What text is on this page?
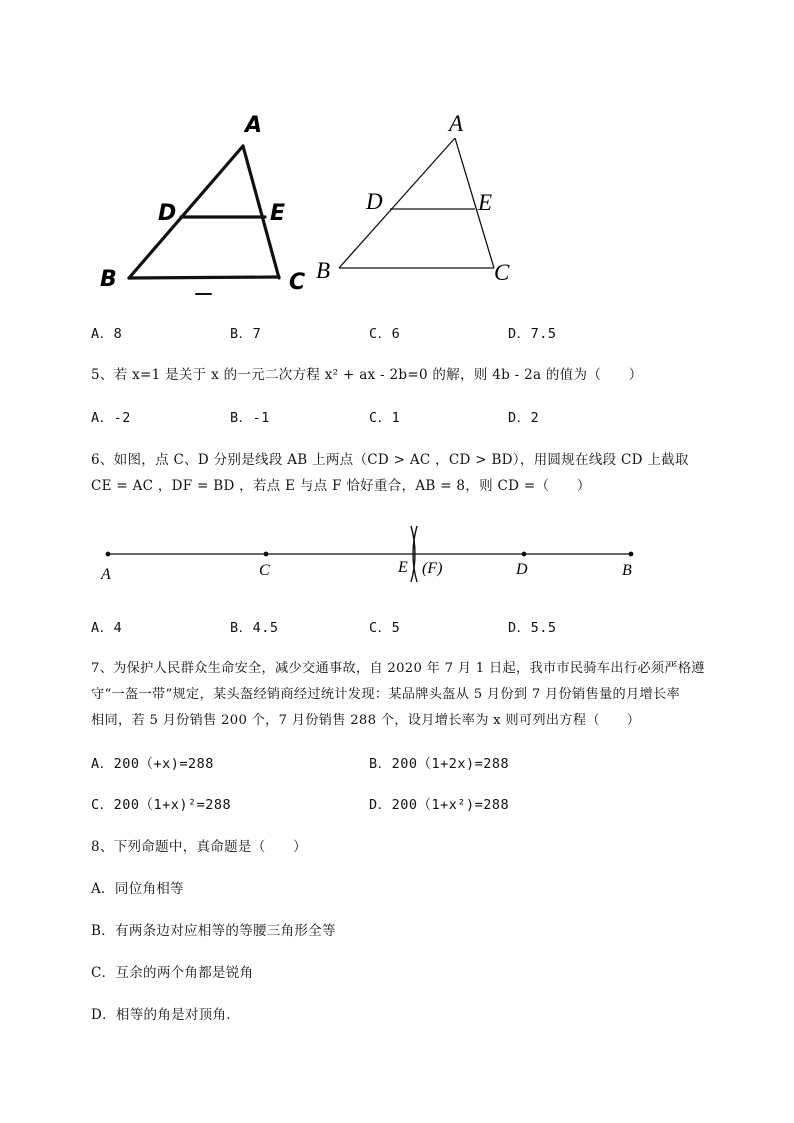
A
D	E
B	C
A
D	E
B	C
A．8	B．7	C．6	D．7.5
5、若 x=1 是关于 x 的一元二次方程 x² + ax - 2b=0 的解，则 4b - 2a 的值为（　　）
A．-2	B．-1	C．1	D．2
6、如图，点 C、D 分别是线段 AB 上两点（CD > AC ，CD > BD），用圆规在线段 CD 上截取
CE = AC ，DF = BD ，若点 E 与点 F 恰好重合，AB = 8，则 CD =（　　）
A	C	E (F)	D	B
A．4	B．4.5	C．5	D．5.5
7、为保护人民群众生命安全，减少交通事故，自 2020 年 7 月 1 日起，我市市民骑车出行必须严格遵
守“一盔一带”规定，某头盔经销商经过统计发现：某品牌头盔从 5 月份到 7 月份销售量的月增长率
相同，若 5 月份销售 200 个，7 月份销售 288 个，设月增长率为 x 则可列出方程（　　）
A．200（+x)=288	B．200（1+2x)=288
C．200（1+x)²=288	D．200（1+x²)=288
8、下列命题中，真命题是（　　）
A．同位角相等
B．有两条边对应相等的等腰三角形全等
C．互余的两个角都是锐角
D．相等的角是对顶角．
